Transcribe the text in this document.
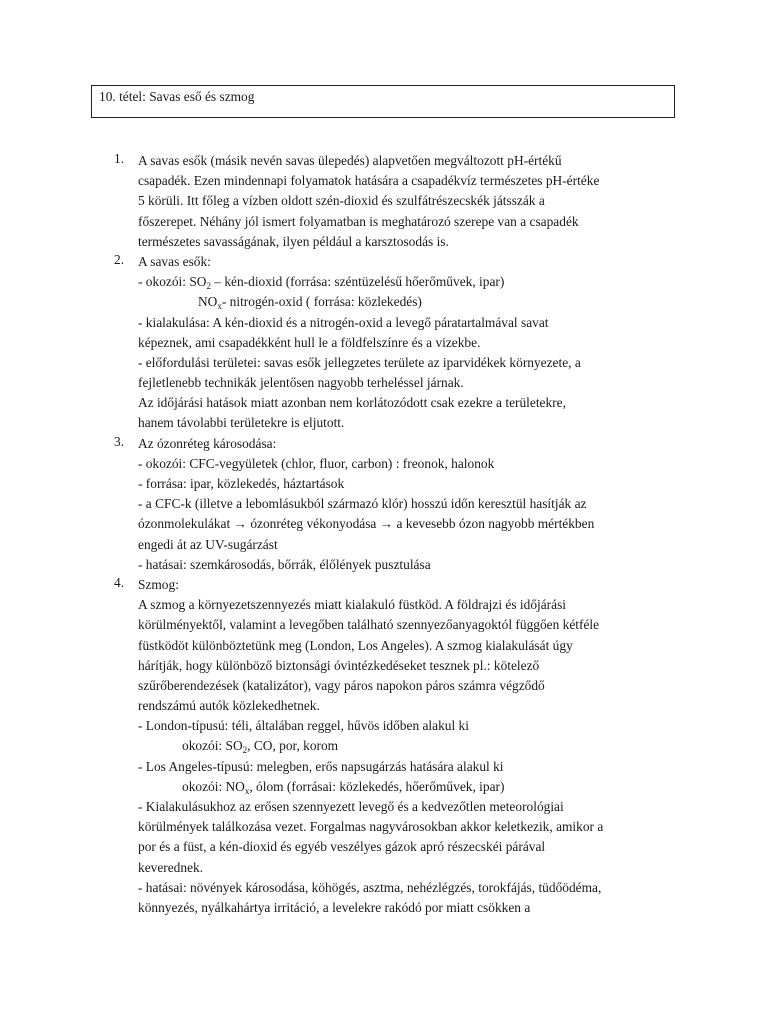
10. tétel: Savas eső és szmog
1. A savas esők (másik nevén savas ülepedés) alapvetően megváltozott pH-értékű
csapadék. Ezen mindennapi folyamatok hatására a csapadékvíz természetes pH-értéke
5 körüli. Itt főleg a vízben oldott szén-dioxid és szulfátrészecskék játsszák a
főszerepet. Néhány jól ismert folyamatban is meghatározó szerepe van a csapadék
természetes savasságának, ilyen például a karsztosodás is.
2. A savas esők:
- okozói: $SO_2$ – kén-dioxid (forrása: széntüzelésű hőerőművek, ipar)
$NO_x-$ nitrogén-oxid ( forrása: közlekedés)
- kialakulása: A kén-dioxid és a nitrogén-oxid a levegő páratartalmával savat
képeznek, ami csapadékként hull le a földfelszínre és a vizekbe.
- előfordulási területei: savas esők jellegzetes területe az iparvidékek környezete, a
fejletlenebb technikák jelentősen nagyobb terheléssel járnak.
Az időjárási hatások miatt azonban nem korlátozódott csak ezekre a területekre,
hanem távolabbi területekre is eljutott.
3. Az ózonréteg károsodása:
- okozói: CFC-vegyületek (chlor, fluor, carbon) : freonok, halonok
- forrása: ipar, közlekedés, háztartások
- a CFC-k (illetve a lebomlásukból származó klór) hosszú időn keresztül hasítják az
ózonmolekulákat → ózonréteg vékonyodása → a kevesebb ózon nagyobb mértékben
engedi át az UV-sugárzást
- hatásai: szemkárosodás, bőrrák, élőlények pusztulása
4. Szmog:
A szmog a környezetszennyezés miatt kialakuló füstköd. A földrajzi és időjárási
körülményektől, valamint a levegőben található szennyezőanyagoktól függően kétféle
füstködöt különböztetünk meg (London, Los Angeles). A szmog kialakulását úgy
hárítják, hogy különböző biztonsági óvintézkedéseket tesznek pl.: kötelező
szűrőberendezések (katalizátor), vagy páros napokon páros számra végződő
rendszámú autók közlekedhetnek.
- London-típusú: téli, általában reggel, hűvös időben alakul ki
okozói: $SO_2$, CO, por, korom
- Los Angeles-típusú: melegben, erős napsugárzás hatására alakul ki
okozói: $NO_x$, ólom (forrásai: közlekedés, hőerőművek, ipar)
- Kialakulásukhoz az erősen szennyezett levegő és a kedvezőtlen meteorológiai
körülmények találkozása vezet. Forgalmas nagyvárosokban akkor keletkezik, amikor a
por és a füst, a kén-dioxid és egyéb veszélyes gázok apró részecskéi párával
keverednek.
- hatásai: növények károsodása, köhögés, asztma, nehézlégzés, torokfájás, tüdőödéma,
könnyezés, nyálkahártya irritáció, a levelekre rakódó por miatt csökken a
